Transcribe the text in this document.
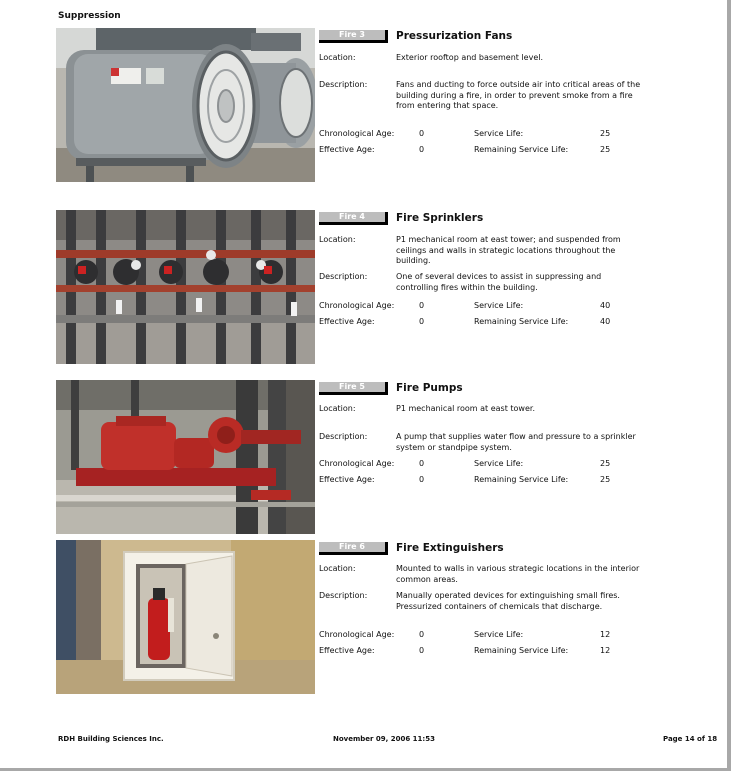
Suppression
Fire 3	Pressurization Fans
Location:	Exterior rooftop and basement level.
Description:	Fans and ducting to force outside air into critical areas of the building during a fire, in order to prevent smoke from a fire from entering that space.
Chronological Age:	0	Service Life:	25
Effective Age:	0	Remaining Service Life:	25
Fire 4	Fire Sprinklers
Location:	P1 mechanical room at east tower; and suspended from ceilings and walls in strategic locations throughout the building.
Description:	One of several devices to assist in suppressing and controlling fires within the building.
Chronological Age:	0	Service Life:	40
Effective Age:	0	Remaining Service Life:	40
Fire 5	Fire Pumps
Location:	P1 mechanical room at east tower.
Description:	A pump that supplies water flow and pressure to a sprinkler system or standpipe system.
Chronological Age:	0	Service Life:	25
Effective Age:	0	Remaining Service Life:	25
Fire 6	Fire Extinguishers
Location:	Mounted to walls in various strategic locations in the interior common areas.
Description:	Manually operated devices for extinguishing small fires. Pressurized containers of chemicals that discharge.
Chronological Age:	0	Service Life:	12
Effective Age:	0	Remaining Service Life:	12
RDH Building Sciences Inc.	November 09, 2006 11:53	Page 14 of 18
